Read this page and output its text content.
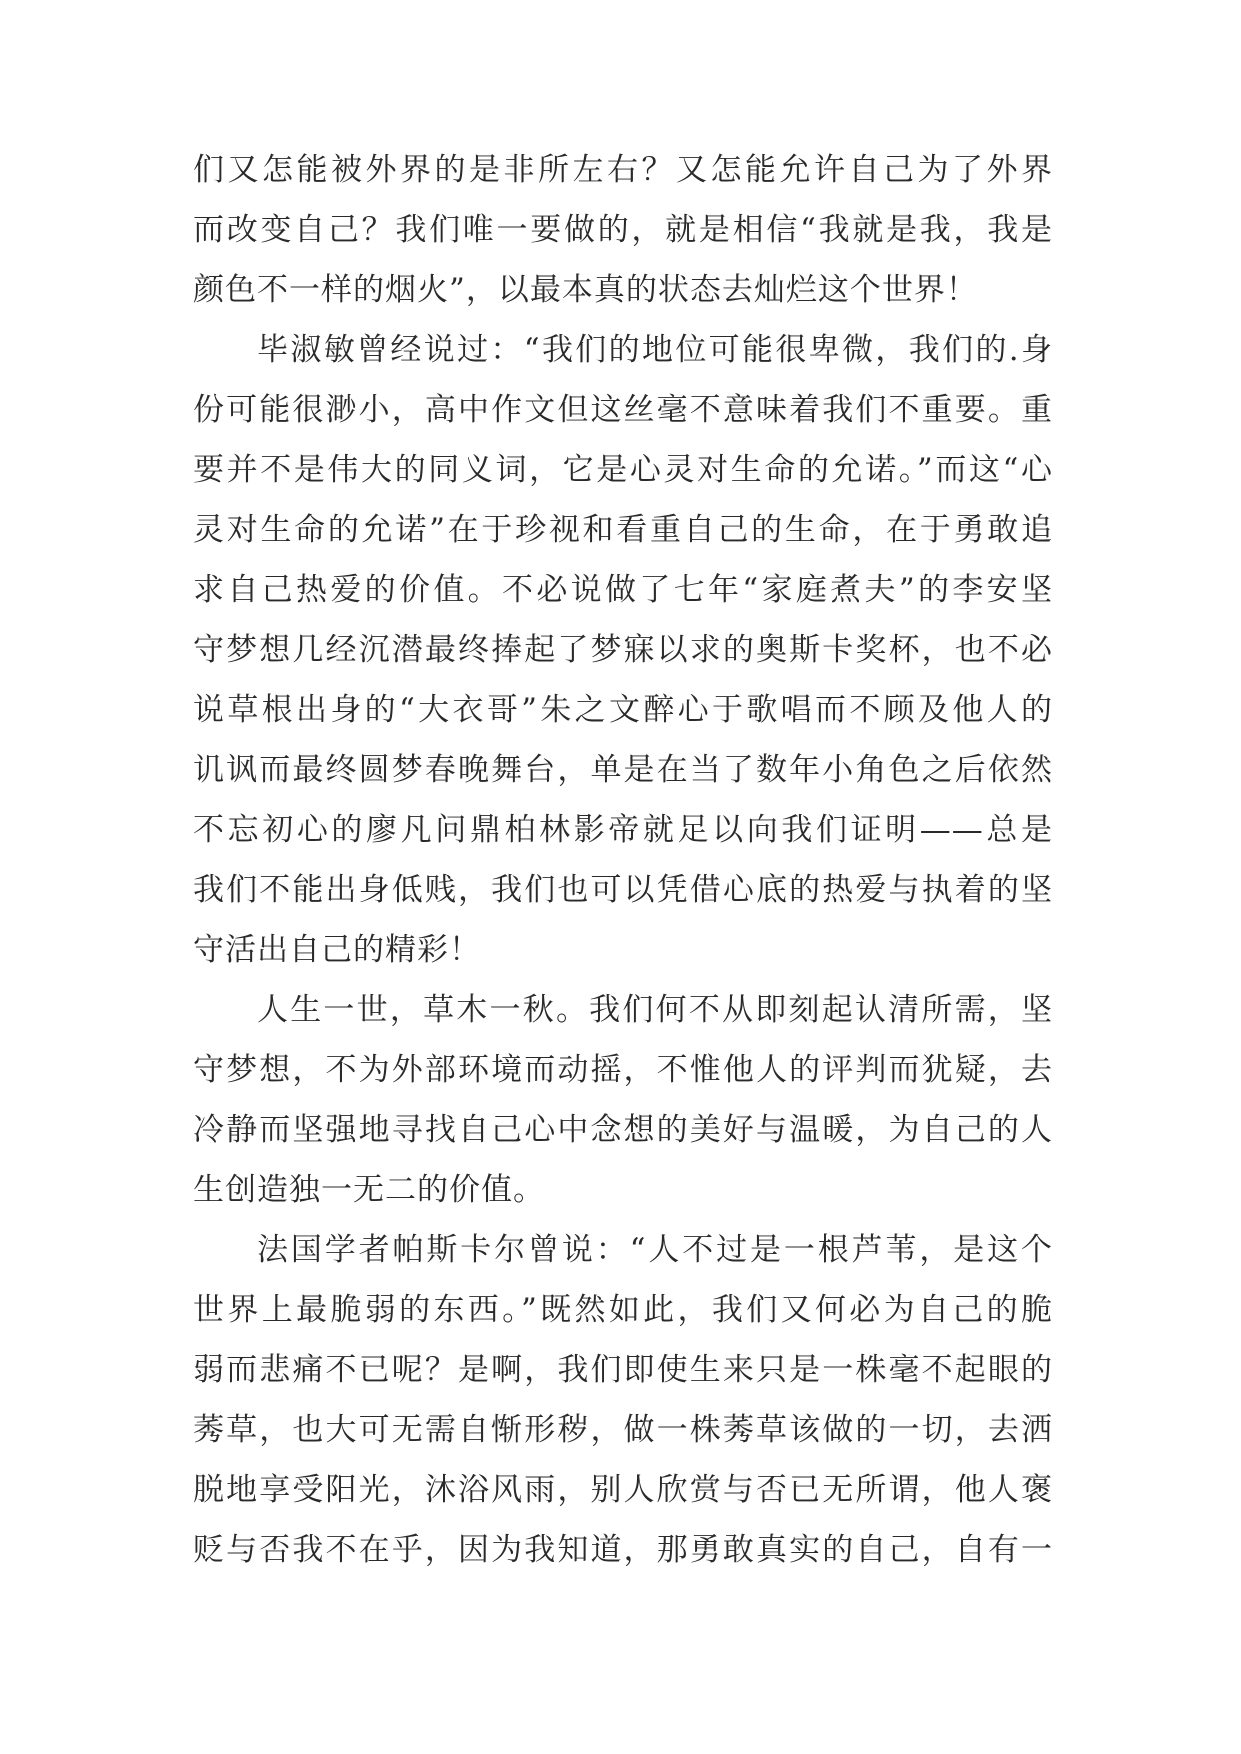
们又怎能被外界的是非所左右？又怎能允许自己为了外界
而改变自己？我们唯一要做的，就是相信“我就是我，我是
颜色不一样的烟火”，以最本真的状态去灿烂这个世界！
毕淑敏曾经说过：“我们的地位可能很卑微，我们的.身
份可能很渺小，高中作文但这丝毫不意味着我们不重要。重
要并不是伟大的同义词，它是心灵对生命的允诺。”而这“心
灵对生命的允诺”在于珍视和看重自己的生命，在于勇敢追
求自己热爱的价值。不必说做了七年“家庭煮夫”的李安坚
守梦想几经沉潜最终捧起了梦寐以求的奥斯卡奖杯，也不必
说草根出身的“大衣哥”朱之文醉心于歌唱而不顾及他人的
讥讽而最终圆梦春晚舞台，单是在当了数年小角色之后依然
不忘初心的廖凡问鼎柏林影帝就足以向我们证明——总是
我们不能出身低贱，我们也可以凭借心底的热爱与执着的坚
守活出自己的精彩！
人生一世，草木一秋。我们何不从即刻起认清所需，坚
守梦想，不为外部环境而动摇，不惟他人的评判而犹疑，去
冷静而坚强地寻找自己心中念想的美好与温暖，为自己的人
生创造独一无二的价值。
法国学者帕斯卡尔曾说：“人不过是一根芦苇，是这个
世界上最脆弱的东西。”既然如此，我们又何必为自己的脆
弱而悲痛不已呢？是啊，我们即使生来只是一株毫不起眼的
莠草，也大可无需自惭形秽，做一株莠草该做的一切，去洒
脱地享受阳光，沐浴风雨，别人欣赏与否已无所谓，他人褒
贬与否我不在乎，因为我知道，那勇敢真实的自己，自有一
